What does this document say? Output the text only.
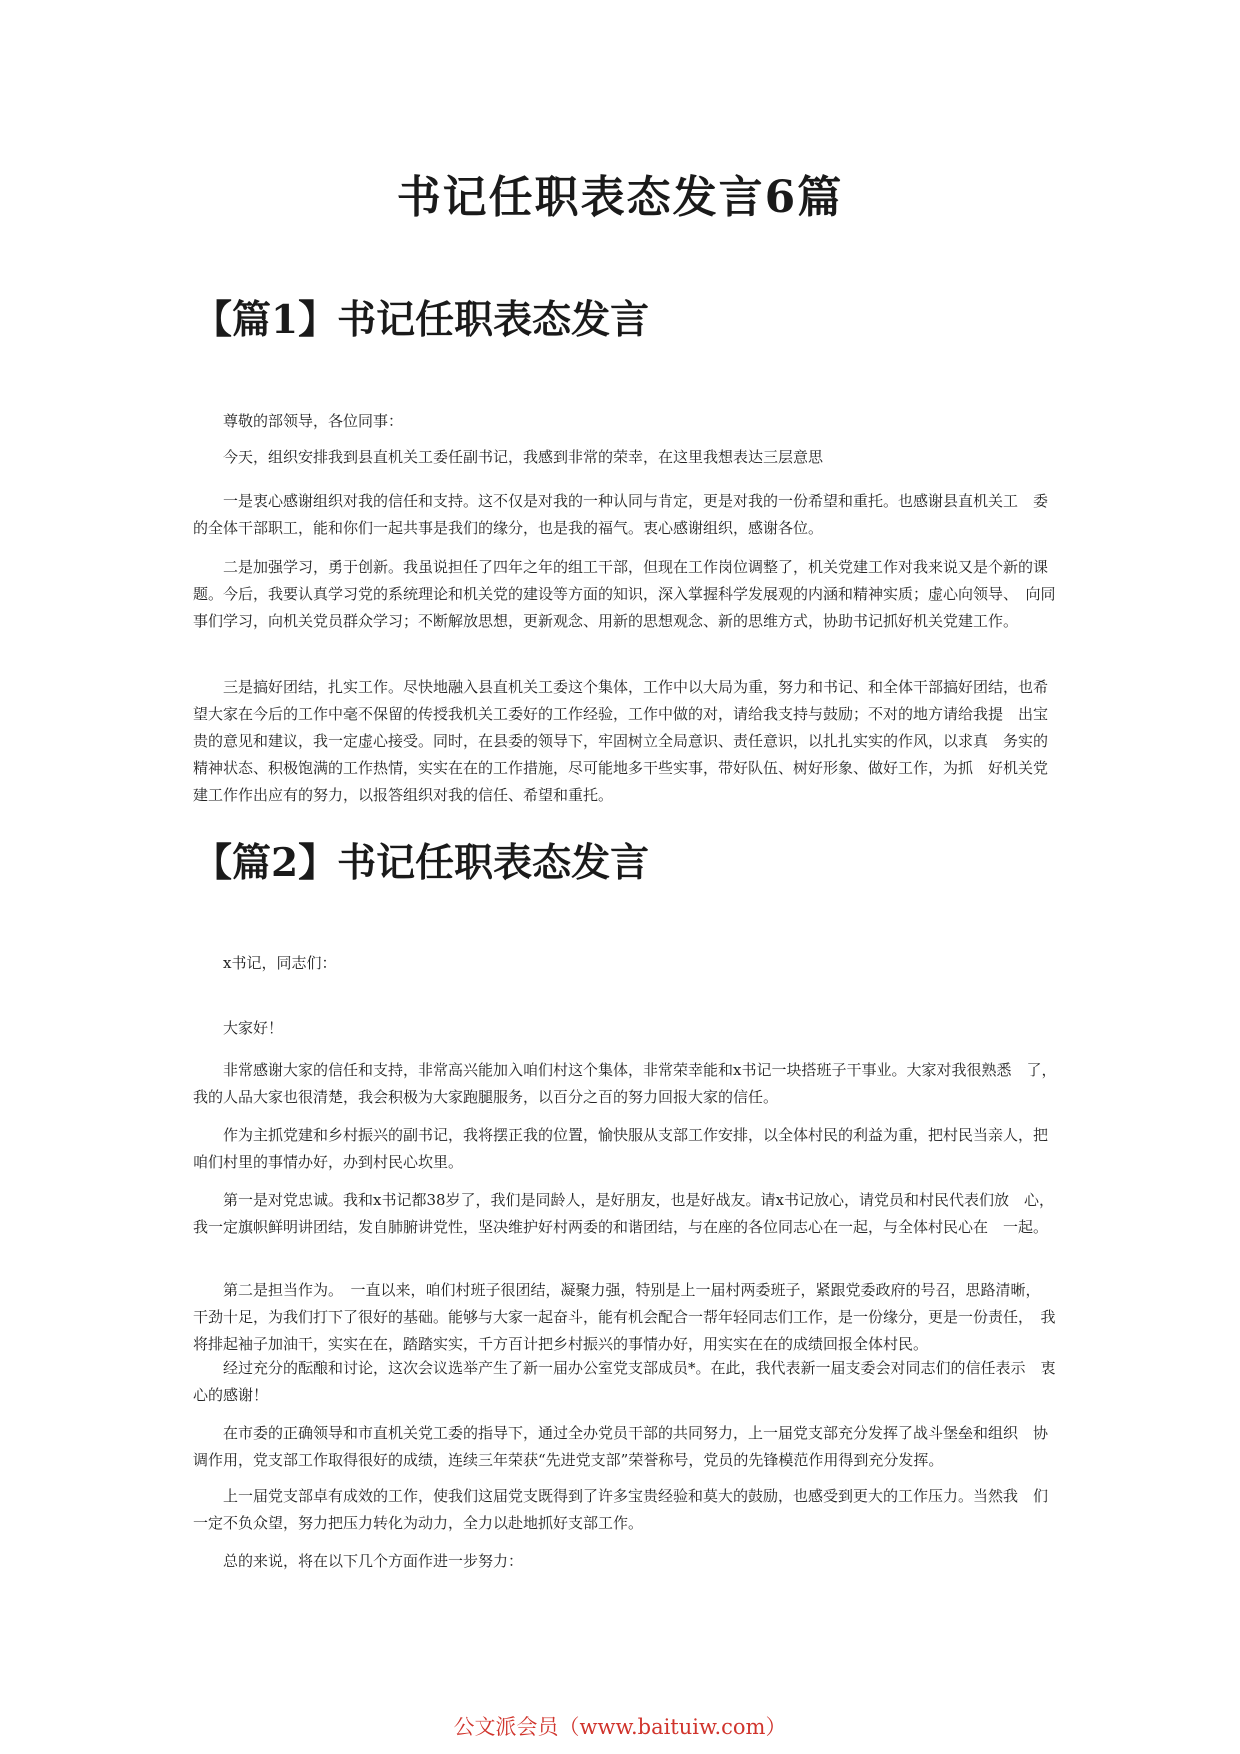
书记任职表态发言6篇
【篇1】书记任职表态发言

尊敬的部领导，各位同事：

今天，组织安排我到县直机关工委任副书记，我感到非常的荣幸，在这里我想表达三层意思

一是衷心感谢组织对我的信任和支持。这不仅是对我的一种认同与肯定，更是对我的一份希望和重托。也感谢县直机关工　委的全体干部职工，能和你们一起共事是我们的缘分，也是我的福气。衷心感谢组织，感谢各位。

二是加强学习，勇于创新。我虽说担任了四年之年的组工干部，但现在工作岗位调整了，机关党建工作对我来说又是个新的课题。今后，我要认真学习党的系统理论和机关党的建设等方面的知识，深入掌握科学发展观的内涵和精神实质；虚心向领导、　向同事们学习，向机关党员群众学习；不断解放思想，更新观念、用新的思想观念、新的思维方式，协助书记抓好机关党建工作。

三是搞好团结，扎实工作。尽快地融入县直机关工委这个集体，工作中以大局为重，努力和书记、和全体干部搞好团结，也希望大家在今后的工作中毫不保留的传授我机关工委好的工作经验，工作中做的对，请给我支持与鼓励；不对的地方请给我提　出宝贵的意见和建议，我一定虚心接受。同时，在县委的领导下，牢固树立全局意识、责任意识，以扎扎实实的作风，以求真　务实的精神状态、积极饱满的工作热情，实实在在的工作措施，尽可能地多干些实事，带好队伍、树好形象、做好工作，为抓　好机关党建工作作出应有的努力，以报答组织对我的信任、希望和重托。

【篇2】书记任职表态发言

x书记，同志们：

大家好！

非常感谢大家的信任和支持，非常高兴能加入咱们村这个集体，非常荣幸能和x书记一块搭班子干事业。大家对我很熟悉　了，我的人品大家也很清楚，我会积极为大家跑腿服务，以百分之百的努力回报大家的信任。

作为主抓党建和乡村振兴的副书记，我将摆正我的位置，愉快服从支部工作安排，以全体村民的利益为重，把村民当亲人，把咱们村里的事情办好，办到村民心坎里。

第一是对党忠诚。我和x书记都38岁了，我们是同龄人，是好朋友，也是好战友。请x书记放心，请党员和村民代表们放　心，我一定旗帜鲜明讲团结，发自肺腑讲党性，坚决维护好村两委的和谐团结，与在座的各位同志心在一起，与全体村民心在　一起。

第二是担当作为。　一直以来，咱们村班子很团结，凝聚力强，特别是上一届村两委班子，紧跟党委政府的号召，思路清晰，　干劲十足，为我们打下了很好的基础。能够与大家一起奋斗，能有机会配合一帮年轻同志们工作，是一份缘分，更是一份责任，　我将排起袖子加油干，实实在在，踏踏实实，千方百计把乡村振兴的事情办好，用实实在在的成绩回报全体村民。

经过充分的酝酿和讨论，这次会议选举产生了新一届办公室党支部成员*。在此，我代表新一届支委会对同志们的信任表示　衷心的感谢！

在市委的正确领导和市直机关党工委的指导下，通过全办党员干部的共同努力，上一届党支部充分发挥了战斗堡垒和组织　协调作用，党支部工作取得很好的成绩，连续三年荣获“先进党支部”荣誉称号，党员的先锋模范作用得到充分发挥。

上一届党支部卓有成效的工作，使我们这届党支既得到了许多宝贵经验和莫大的鼓励，也感受到更大的工作压力。当然我　们一定不负众望，努力把压力转化为动力，全力以赴地抓好支部工作。

总的来说，将在以下几个方面作进一步努力：

公文派会员（www.baituiw.com）
